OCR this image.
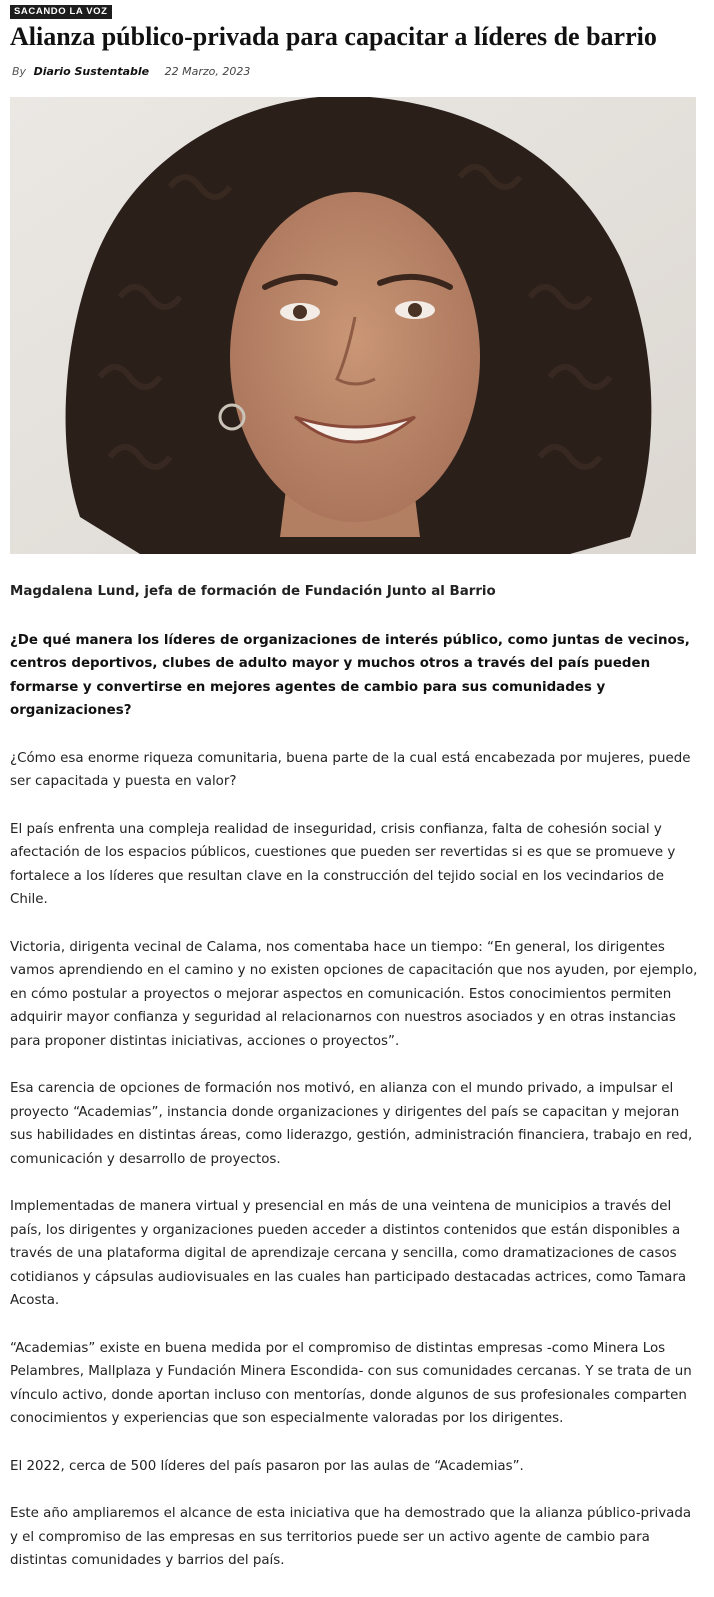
SACANDO LA VOZ
Alianza público-privada para capacitar a líderes de barrio
By Diario Sustentable 22 Marzo, 2023

Magdalena Lund, jefa de formación de Fundación Junto al Barrio

¿De qué manera los líderes de organizaciones de interés público, como juntas de vecinos, centros deportivos, clubes de adulto mayor y muchos otros a través del país pueden formarse y convertirse en mejores agentes de cambio para sus comunidades y organizaciones?

¿Cómo esa enorme riqueza comunitaria, buena parte de la cual está encabezada por mujeres, puede ser capacitada y puesta en valor?

El país enfrenta una compleja realidad de inseguridad, crisis confianza, falta de cohesión social y afectación de los espacios públicos, cuestiones que pueden ser revertidas si es que se promueve y fortalece a los líderes que resultan clave en la construcción del tejido social en los vecindarios de Chile.

Victoria, dirigenta vecinal de Calama, nos comentaba hace un tiempo: “En general, los dirigentes vamos aprendiendo en el camino y no existen opciones de capacitación que nos ayuden, por ejemplo, en cómo postular a proyectos o mejorar aspectos en comunicación. Estos conocimientos permiten adquirir mayor confianza y seguridad al relacionarnos con nuestros asociados y en otras instancias para proponer distintas iniciativas, acciones o proyectos”.

Esa carencia de opciones de formación nos motivó, en alianza con el mundo privado, a impulsar el proyecto “Academias”, instancia donde organizaciones y dirigentes del país se capacitan y mejoran sus habilidades en distintas áreas, como liderazgo, gestión, administración financiera, trabajo en red, comunicación y desarrollo de proyectos.

Implementadas de manera virtual y presencial en más de una veintena de municipios a través del país, los dirigentes y organizaciones pueden acceder a distintos contenidos que están disponibles a través de una plataforma digital de aprendizaje cercana y sencilla, como dramatizaciones de casos cotidianos y cápsulas audiovisuales en las cuales han participado destacadas actrices, como Tamara Acosta.

“Academias” existe en buena medida por el compromiso de distintas empresas -como Minera Los Pelambres, Mallplaza y Fundación Minera Escondida- con sus comunidades cercanas. Y se trata de un vínculo activo, donde aportan incluso con mentorías, donde algunos de sus profesionales comparten conocimientos y experiencias que son especialmente valoradas por los dirigentes.

El 2022, cerca de 500 líderes del país pasaron por las aulas de “Academias”.

Este año ampliaremos el alcance de esta iniciativa que ha demostrado que la alianza público-privada y el compromiso de las empresas en sus territorios puede ser un activo agente de cambio para distintas comunidades y barrios del país.
